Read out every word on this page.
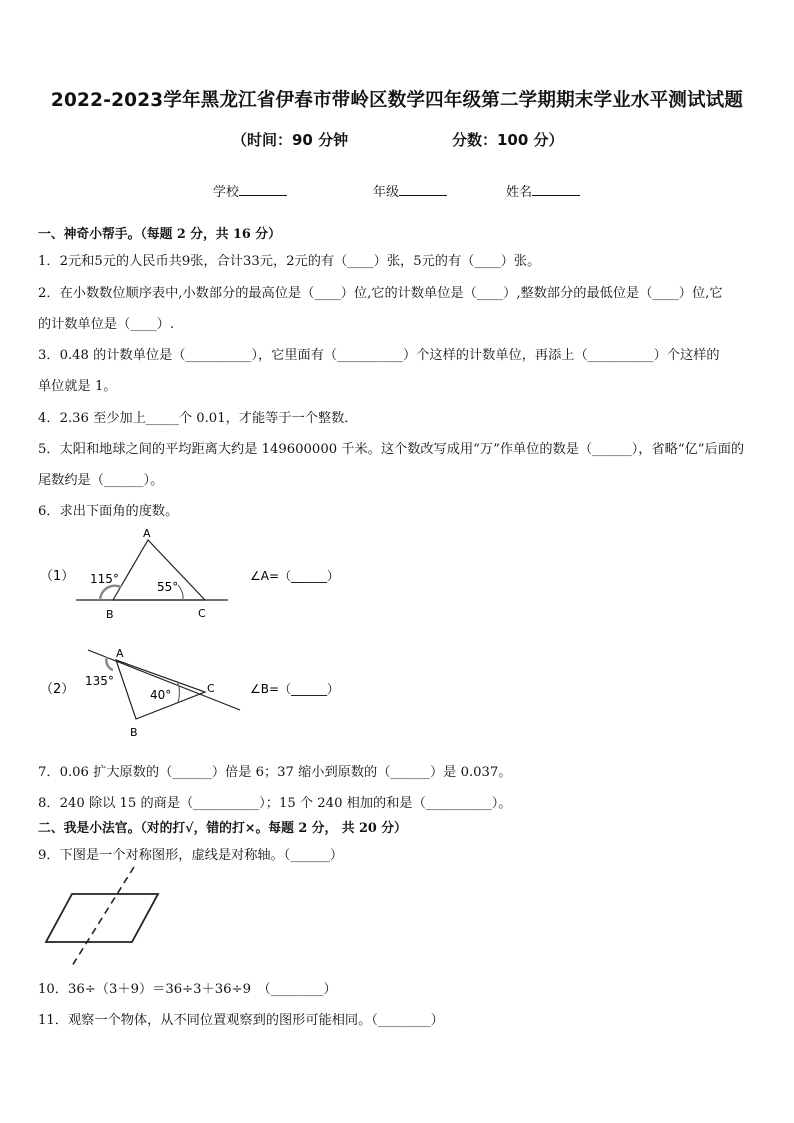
2022-2023学年黑龙江省伊春市带岭区数学四年级第二学期期末学业水平测试试题
（时间：90 分钟	分数：100 分）
学校	年级	姓名
一、神奇小帮手。（每题 2 分，共 16 分）
1．2元和5元的人民币共9张，合计33元，2元的有（____）张，5元的有（____）张。
2．在小数数位顺序表中,小数部分的最高位是（____）位,它的计数单位是（____）,整数部分的最低位是（____）位,它
的计数单位是（____）.
3．0.48 的计数单位是（__________），它里面有（__________）个这样的计数单位，再添上（__________）个这样的
单位就是 1。
4．2.36 至少加上_____个 0.01，才能等于一个整数．
5．太阳和地球之间的平均距离大约是 149600000 千米。这个数改写成用“万”作单位的数是（______），省略“亿”后面的
尾数约是（______）。
6．求出下面角的度数。
（1）
A
B	C
115°
55°
∠A=（______）
（2）
A
B
C
135°
40°	∠B=（______）
7．0.06 扩大原数的（______）倍是 6；37 缩小到原数的（______）是 0.037。
8．240 除以 15 的商是（__________）；15 个 240 相加的和是（__________）。
二、我是小法官。（对的打√，错的打×。每题 2 分， 共 20 分）
9．下图是一个对称图形，虚线是对称轴。（______）
10．36÷（3＋9）＝36÷3＋36÷9　（________）
11．观察一个物体，从不同位置观察到的图形可能相同。（________）
